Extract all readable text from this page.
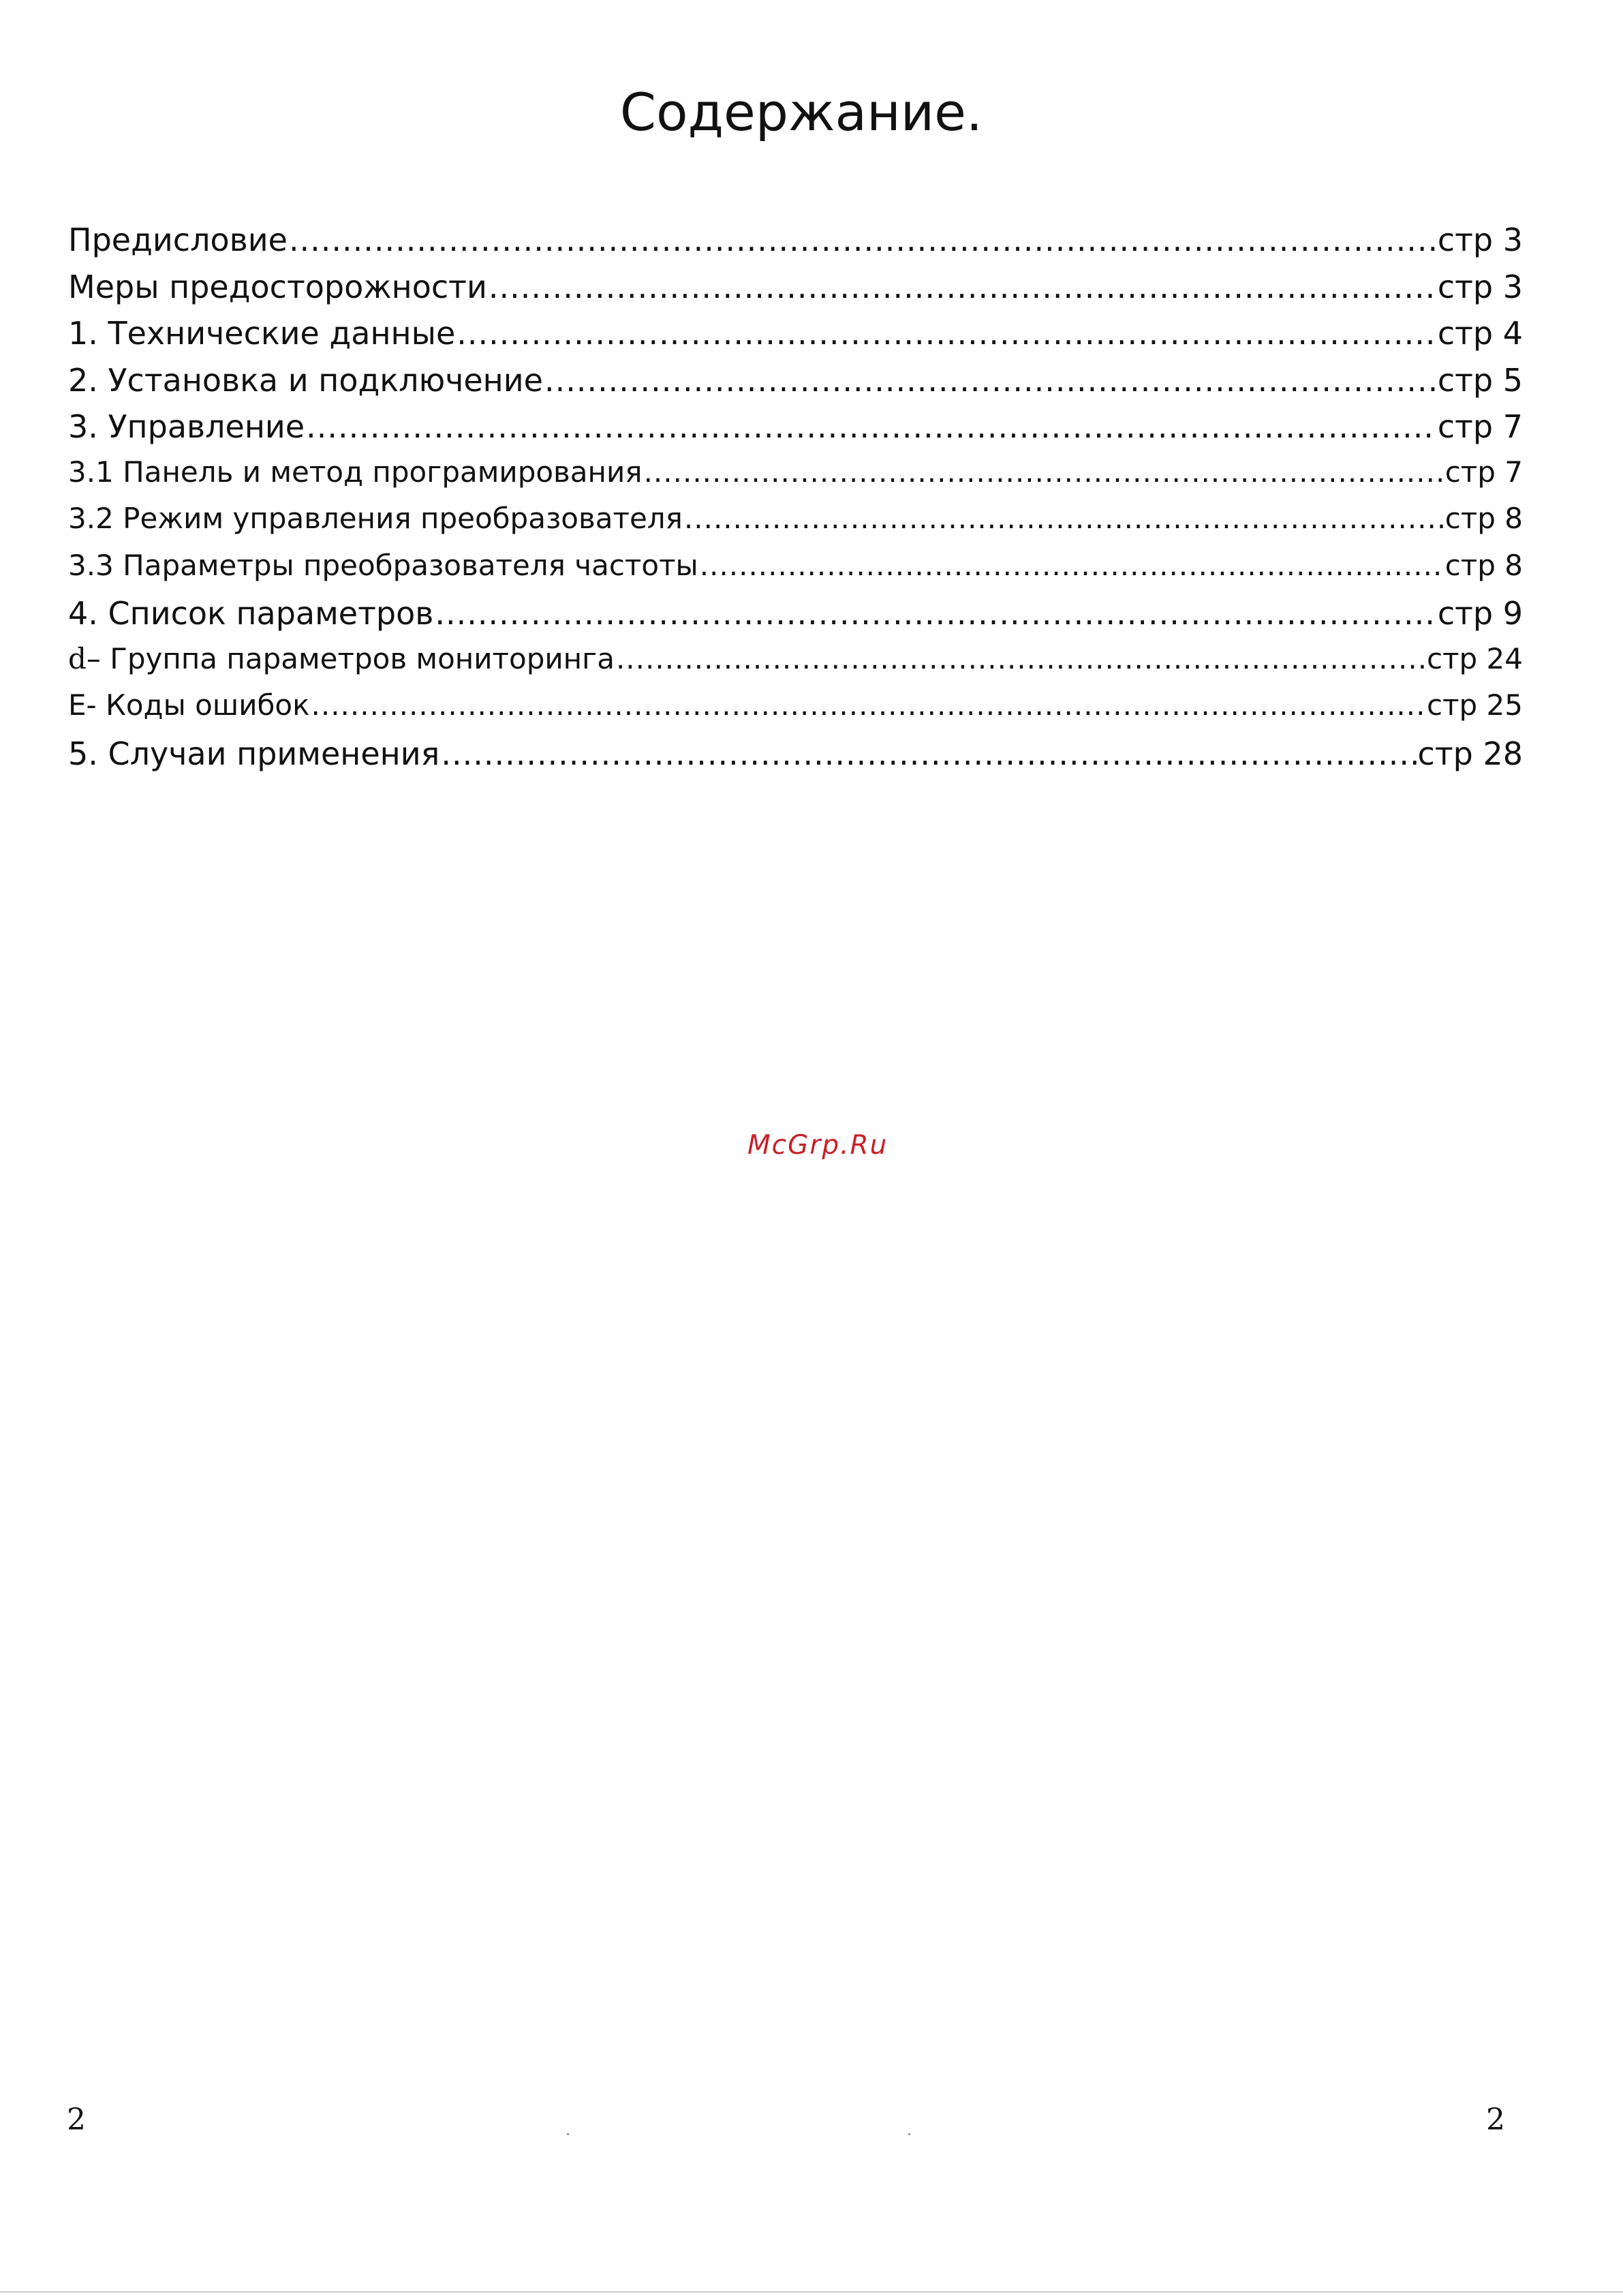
Содержание.
Предисловие .....	стр 3
Меры предосторожности .....	стр 3
1. Технические данные .....	стр 4
2. Установка и подключение .....	стр 5
3. Управление .....	стр 7
3.1 Панель и метод програмирования .....	стр 7
3.2 Режим управления преобразователя .....	стр 8
3.3 Параметры преобразователя частоты .....	стр 8
4. Список параметров .....	стр 9
d– Группа параметров мониторинга .....	стр 24
E- Коды ошибок .....	стр 25
5. Случаи применения .....	стр 28
McGrp.Ru
2	2
